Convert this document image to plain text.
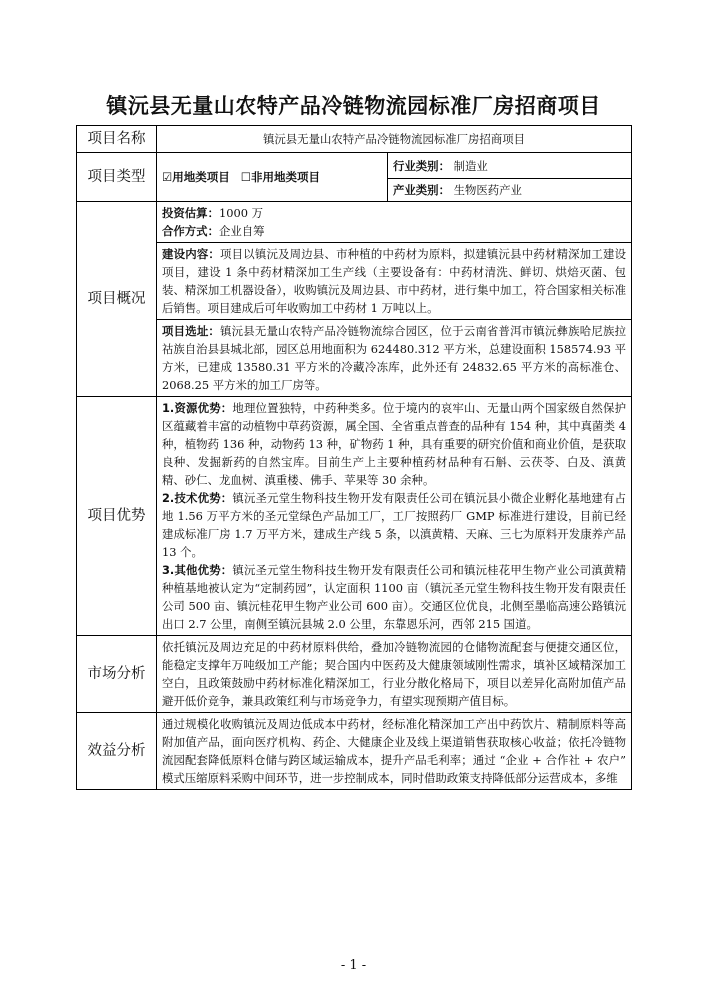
镇沅县无量山农特产品冷链物流园标准厂房招商项目
项目名称	镇沅县无量山农特产品冷链物流园标准厂房招商项目	
项目类型	☑用地类项目 ☐非用地类项目	行业类别： 制造业
		产业类别： 生物医药产业
项目概况	投资估算：1000 万
合作方式：企业自筹	

	建设内容：项目以镇沅及周边县、市种植的中药材为原料，拟建镇沅县中药材精深加工建设项目，建设 1 条中药材精深加工生产线（主要设备有：中药材清洗、鲜切、烘焙灭菌、包装、精深加工机器设备），收购镇沅及周边县、市中药材，进行集中加工，符合国家相关标准后销售。项目建成后可年收购加工中药材 1 万吨以上。	

	项目选址：镇沅县无量山农特产品冷链物流综合园区，位于云南省普洱市镇沅彝族哈尼族拉祜族自治县县城北部，园区总用地面积为 624480.312 平方米，总建设面积 158574.93 平方米，已建成 13580.31 平方米的冷藏冷冻库，此外还有 24832.65 平方米的高标准仓、2068.25 平方米的加工厂房等。	

项目优势	1.资源优势：地理位置独特，中药种类多。位于境内的哀牢山、无量山两个国家级自然保护区蕴藏着丰富的动植物中草药资源，属全国、全省重点普查的品种有 154 种，其中真菌类 4 种，植物药 136 种，动物药 13 种，矿物药 1 种，具有重要的研究价值和商业价值，是获取良种、发掘新药的自然宝库。目前生产上主要种植药材品种有石斛、云茯苓、白及、滇黄精、砂仁、龙血树、滇重楼、佛手、苹果等 30 余种。

2.技术优势：镇沅圣元堂生物科技生物开发有限责任公司在镇沅县小微企业孵化基地建有占地 1.56 万平方米的圣元堂绿色产品加工厂，工厂按照药厂 GMP 标准进行建设，目前已经建成标准厂房 1.7 万平方米，建成生产线 5 条，以滇黄精、天麻、三七为原料开发康养产品 13 个。

3.其他优势：镇沅圣元堂生物科技生物开发有限责任公司和镇沅桂花甲生物产业公司滇黄精种植基地被认定为“定制药园”，认定面积 1100 亩（镇沅圣元堂生物科技生物开发有限责任公司 500 亩、镇沅桂花甲生物产业公司 600 亩）。交通区位优良，北侧至墨临高速公路镇沅出口 2.7 公里，南侧至镇沅县城 2.0 公里，东靠恩乐河，西邻 215 国道。	

市场分析	依托镇沅及周边充足的中药材原料供给，叠加冷链物流园的仓储物流配套与便捷交通区位，能稳定支撑年万吨级加工产能；契合国内中医药及大健康领域刚性需求，填补区域精深加工空白，且政策鼓励中药材标准化精深加工，行业分散化格局下，项目以差异化高附加值产品避开低价竞争，兼具政策红利与市场竞争力，有望实现预期产值目标。	

效益分析	通过规模化收购镇沅及周边低成本中药材，经标准化精深加工产出中药饮片、精制原料等高附加值产品，面向医疗机构、药企、大健康企业及线上渠道销售获取核心收益；依托冷链物流园配套降低原料仓储与跨区域运输成本，提升产品毛利率；通过 “企业 + 合作社 + 农户” 模式压缩原料采购中间环节，进一步控制成本，同时借助政策支持降低部分运营成本，多维	

- 1 -
